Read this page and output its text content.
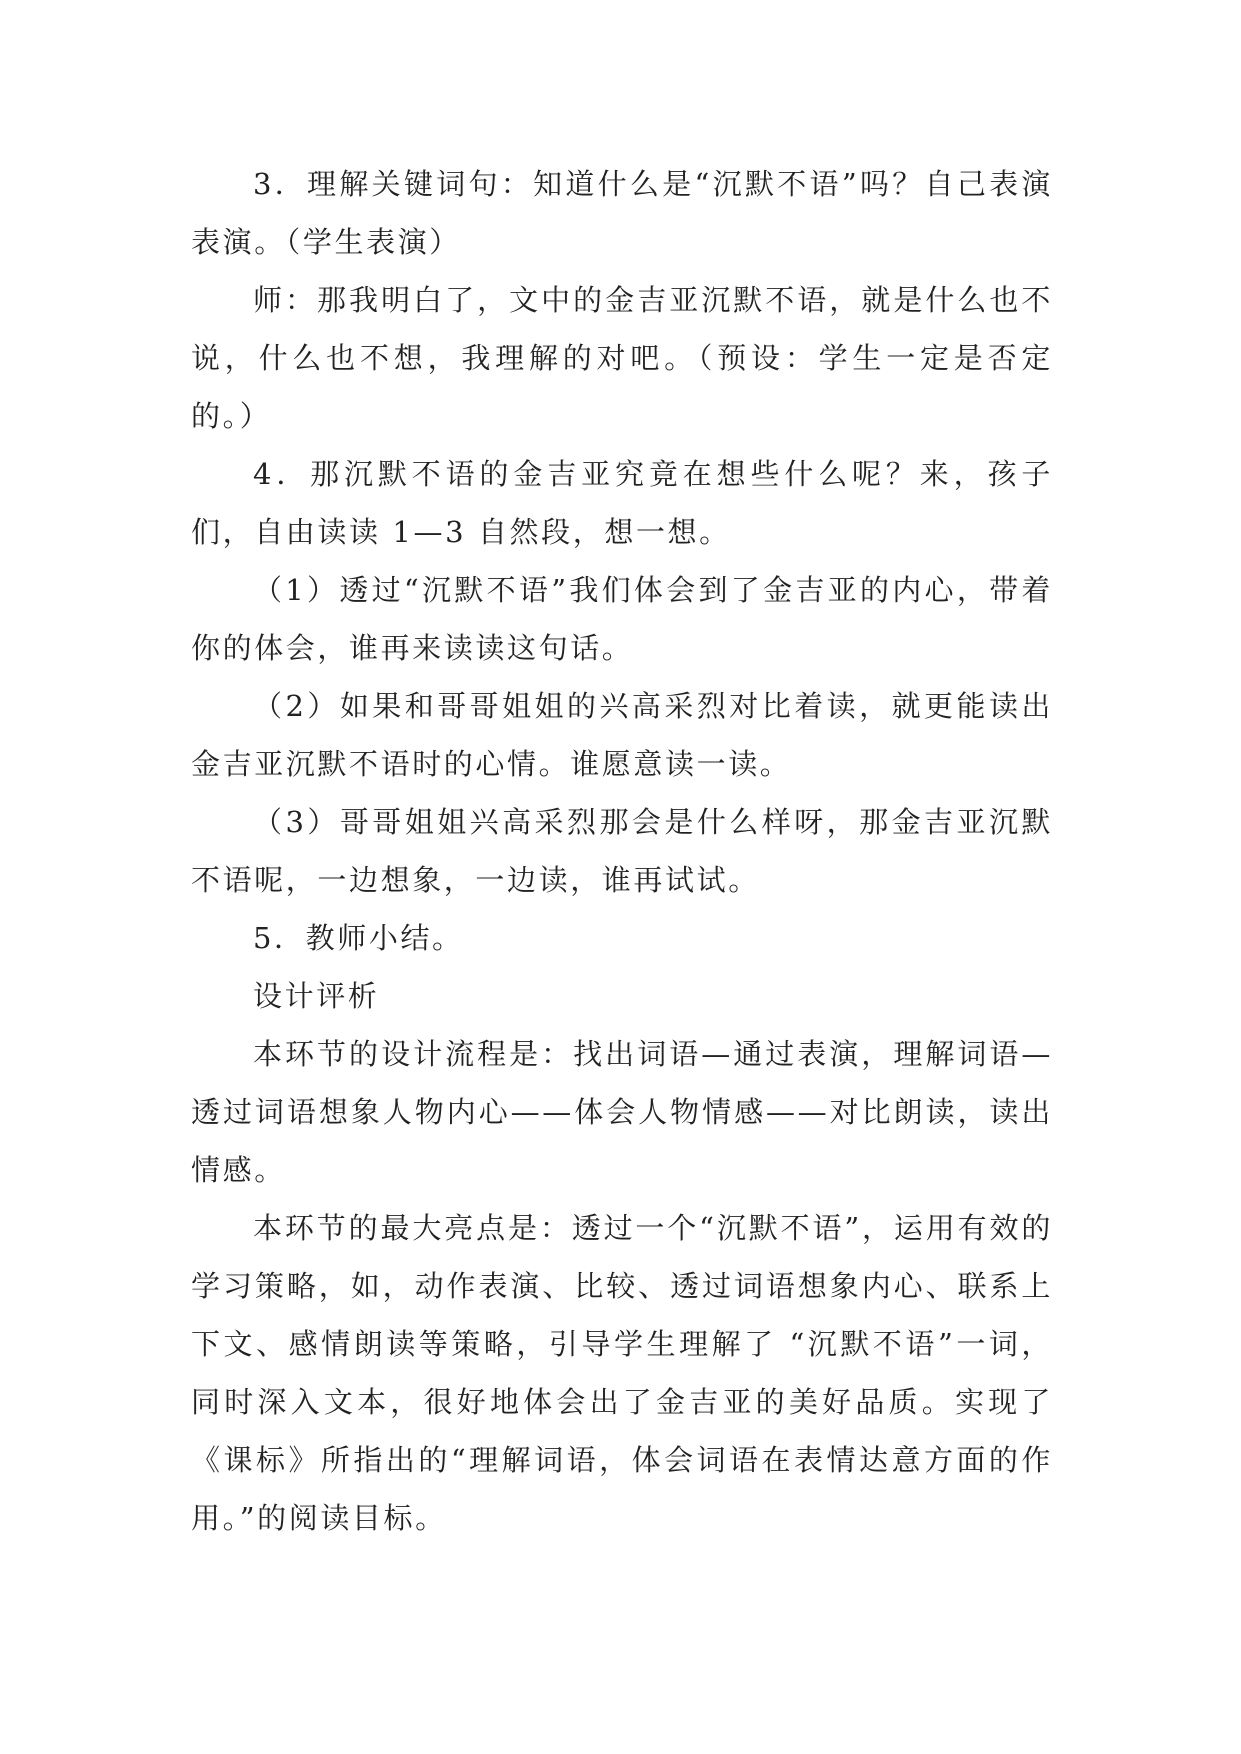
3．理解关键词句：知道什么是“沉默不语”吗？自己表演表演。（学生表演）

师：那我明白了，文中的金吉亚沉默不语，就是什么也不说，什么也不想，我理解的对吧。（预设：学生一定是否定的。）

4．那沉默不语的金吉亚究竟在想些什么呢？来，孩子们，自由读读 1—3 自然段，想一想。

（1）透过“沉默不语”我们体会到了金吉亚的内心，带着你的体会，谁再来读读这句话。

（2）如果和哥哥姐姐的兴高采烈对比着读，就更能读出金吉亚沉默不语时的心情。谁愿意读一读。

（3）哥哥姐姐兴高采烈那会是什么样呀，那金吉亚沉默不语呢，一边想象，一边读，谁再试试。

5．教师小结。

设计评析

本环节的设计流程是：找出词语—通过表演，理解词语—透过词语想象人物内心——体会人物情感——对比朗读，读出情感。

本环节的最大亮点是：透过一个“沉默不语”，运用有效的学习策略，如，动作表演、比较、透过词语想象内心、联系上下文、感情朗读等策略，引导学生理解了 “沉默不语”一词，同时深入文本，很好地体会出了金吉亚的美好品质。实现了《课标》所指出的“理解词语，体会词语在表情达意方面的作用。”的阅读目标。
